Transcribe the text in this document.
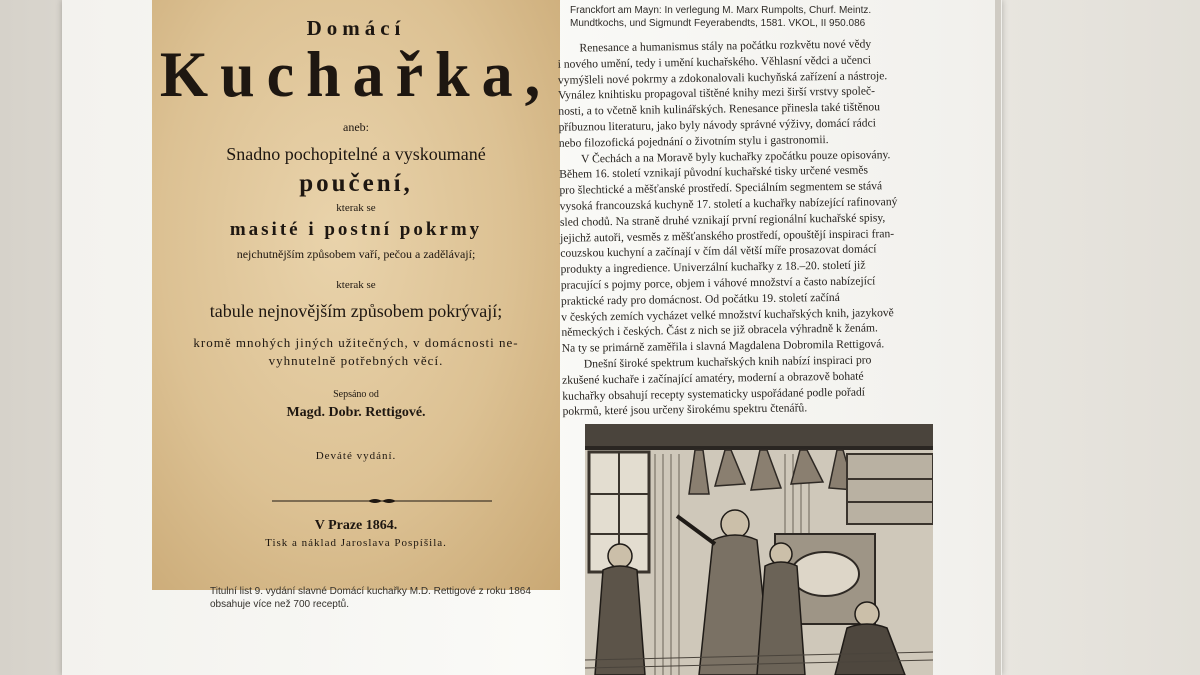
Domácí
Kuchařka,
aneb:
Snadno pochopitelné a vyskoumané
poučení,
kterak se
masité i postní pokrmy
nejchutnějším způsobem vaří, pečou a zadělávají;
kterak se
tabule nejnovějším způsobem pokrývají;
kromě mnohých jiných užitečných, v domácnosti ne-
vyhnutelně potřebných věcí.
Sepsáno od
Magd. Dobr. Rettigové.
Deváté vydání.
V Praze 1864.
Tisk a náklad Jaroslava Pospíšila.
Titulní list 9. vydání slavné Domácí kuchařky M.D. Rettigové z roku 1864
obsahuje více než 700 receptů.
Franckfort am Mayn: In verlegung M. Marx Rumpolts, Churf. Meintz.
Mundtkochs, und Sigmundt Feyerabendts, 1581. VKOL, II 950.086

Renesance a humanismus stály na počátku rozkvětu nové vědy
i nového umění, tedy i umění kuchařského. Věhlasní vědci a učenci
vymýšleli nové pokrmy a zdokonalovali kuchyňská zařízení a nástroje.
Vynález knihtisku propagoval tištěné knihy mezi širší vrstvy společ-
nosti, a to včetně knih kulinářských. Renesance přinesla také tištěnou
příbuznou literaturu, jako byly návody správné výživy, domácí rádci
nebo filozofická pojednání o životním stylu i gastronomii.

V Čechách a na Moravě byly kuchařky zpočátku pouze opisovány.
Během 16. století vznikají původní kuchařské tisky určené vesměs
pro šlechtické a měšťanské prostředí. Speciálním segmentem se stává
vysoká francouzská kuchyně 17. století a kuchařky nabízející rafinovaný
sled chodů. Na straně druhé vznikají první regionální kuchařské spisy,
jejichž autoři, vesměs z měšťanského prostředí, opouštějí inspiraci fran-
couzskou kuchyní a začínají v čím dál větší míře prosazovat domácí
produkty a ingredience. Univerzální kuchařky z 18.–20. století již
pracující s pojmy porce, objem i váhové množství a často nabízející
praktické rady pro domácnost. Od počátku 19. století začíná
v českých zemích vycházet velké množství kuchařských knih, jazykově
německých i českých. Část z nich se již obracela výhradně k ženám.
Na ty se primárně zaměřila i slavná Magdalena Dobromila Rettigová.

Dnešní široké spektrum kuchařských knih nabízí inspiraci pro
zkušené kuchaře i začínající amatéry, moderní a obrazově bohaté
kuchařky obsahují recepty systematicky uspořádané podle pořadí
pokrmů, které jsou určeny širokému spektru čtenářů.
